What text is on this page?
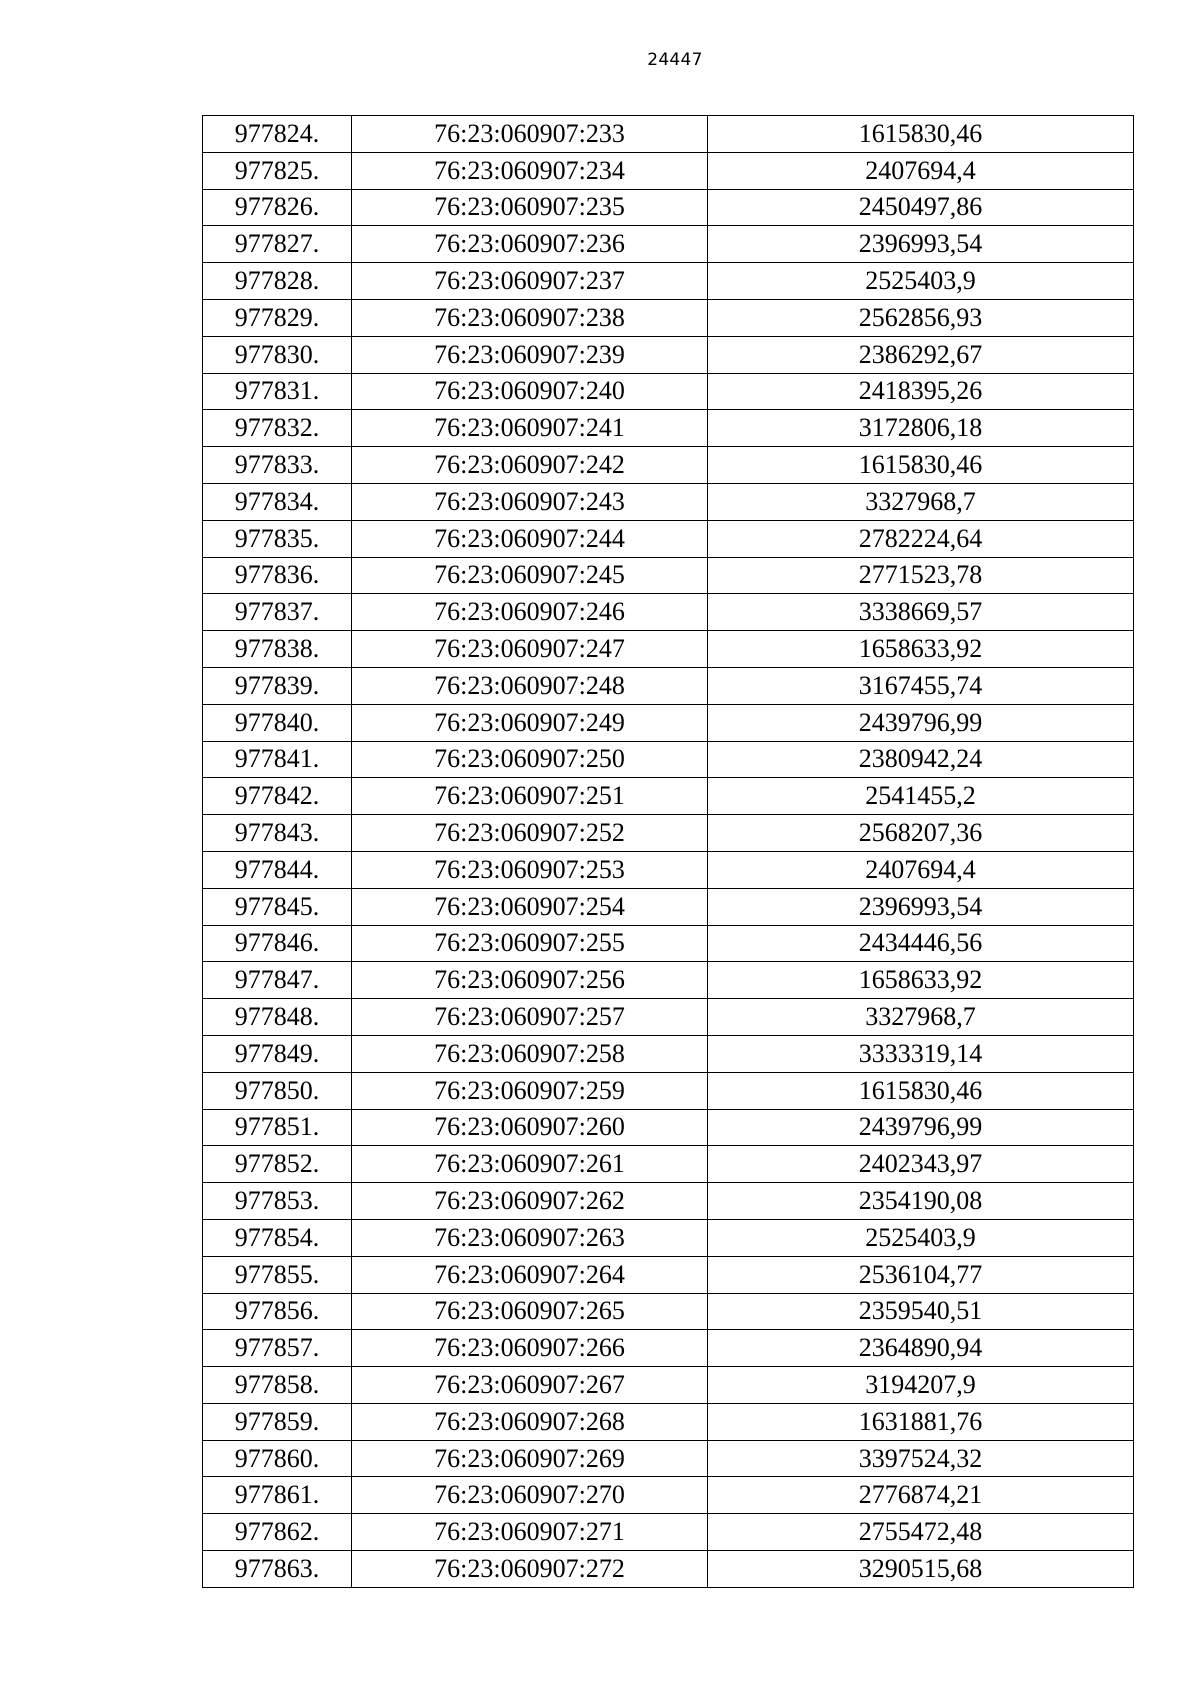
24447
977824.	76:23:060907:233	1615830,46
977825.	76:23:060907:234	2407694,4
977826.	76:23:060907:235	2450497,86
977827.	76:23:060907:236	2396993,54
977828.	76:23:060907:237	2525403,9
977829.	76:23:060907:238	2562856,93
977830.	76:23:060907:239	2386292,67
977831.	76:23:060907:240	2418395,26
977832.	76:23:060907:241	3172806,18
977833.	76:23:060907:242	1615830,46
977834.	76:23:060907:243	3327968,7
977835.	76:23:060907:244	2782224,64
977836.	76:23:060907:245	2771523,78
977837.	76:23:060907:246	3338669,57
977838.	76:23:060907:247	1658633,92
977839.	76:23:060907:248	3167455,74
977840.	76:23:060907:249	2439796,99
977841.	76:23:060907:250	2380942,24
977842.	76:23:060907:251	2541455,2
977843.	76:23:060907:252	2568207,36
977844.	76:23:060907:253	2407694,4
977845.	76:23:060907:254	2396993,54
977846.	76:23:060907:255	2434446,56
977847.	76:23:060907:256	1658633,92
977848.	76:23:060907:257	3327968,7
977849.	76:23:060907:258	3333319,14
977850.	76:23:060907:259	1615830,46
977851.	76:23:060907:260	2439796,99
977852.	76:23:060907:261	2402343,97
977853.	76:23:060907:262	2354190,08
977854.	76:23:060907:263	2525403,9
977855.	76:23:060907:264	2536104,77
977856.	76:23:060907:265	2359540,51
977857.	76:23:060907:266	2364890,94
977858.	76:23:060907:267	3194207,9
977859.	76:23:060907:268	1631881,76
977860.	76:23:060907:269	3397524,32
977861.	76:23:060907:270	2776874,21
977862.	76:23:060907:271	2755472,48
977863.	76:23:060907:272	3290515,68
